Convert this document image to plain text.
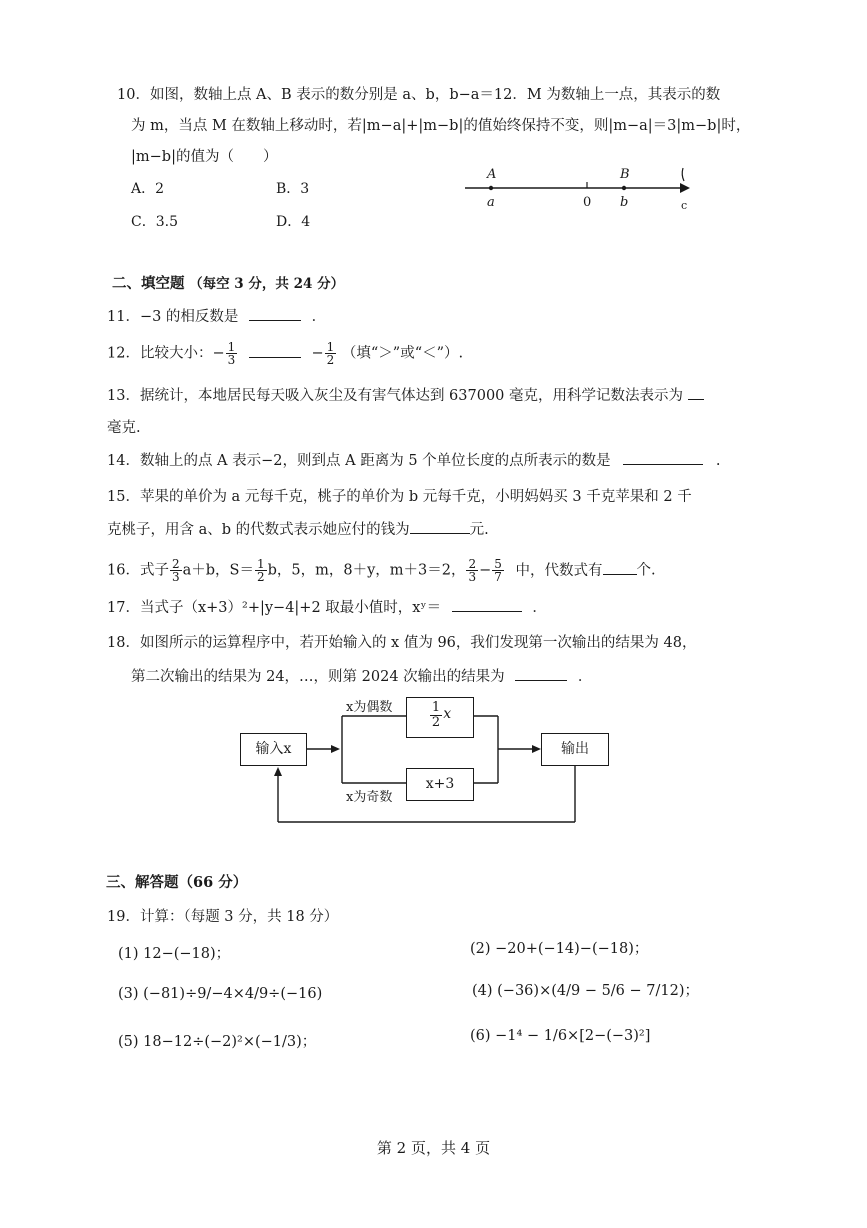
10．如图，数轴上点 A、B 表示的数分别是 a、b，b−a＝12．M 为数轴上一点，其表示的数
为 m，当点 M 在数轴上移动时，若|m−a|+|m−b|的值始终保持不变，则|m−a|＝3|m−b|时，
|m−b|的值为（　　）
A．2	B．3
C．3.5	D．4
A	B
a	0 b	c
二、填空题 （每空 3 分，共 24 分）
11．−3 的相反数是	．
12．比较大小：− $\frac{1}{3}$	− $\frac{1}{2}$ （填“＞”或“＜”）.
13．据统计，本地居民每天吸入灰尘及有害气体达到 637000 毫克，用科学记数法表示为
毫克.
14．数轴上的点 A 表示−2，则到点 A 距离为 5 个单位长度的点所表示的数是	.
15．苹果的单价为 a 元每千克，桃子的单价为 b 元每千克，小明妈妈买 3 千克苹果和 2 千
克桃子，用含 a、b 的代数式表示她应付的钱为	元.
16．式子 $\frac{2}{3} a+b$，$S= \frac{1}{2}$ b，5，m，8＋y，m＋3＝2， $\frac{2}{3} - \frac{5}{7}$ 中，代数式有 个.
17．当式子（x+3）²+|y−4|+2 取最小值时，xʸ＝	．
18．如图所示的运算程序中，若开始输入的 x 值为 96，我们发现第一次输出的结果为 48，
第二次输出的结果为 24，…，则第 2024 次输出的结果为	．
x为偶数	$\frac{1}{2}$ x
输入x	输出
x+3
x为奇数
三、解答题（66 分）
19．计算：（每题 3 分，共 18 分）
(1) 12−(−18)；	(2) −20+(−14)−(−18)；
(3) (−81)÷9/−4×4/9÷(−16)	(4) (−36)×(4/9 − 5/6 − 7/12)；
(5) 18−12÷(−2)²×(−1/3)；	(6) −1⁴ − 1/6×[2−(−3)²]
第 2 页，共 4 页
